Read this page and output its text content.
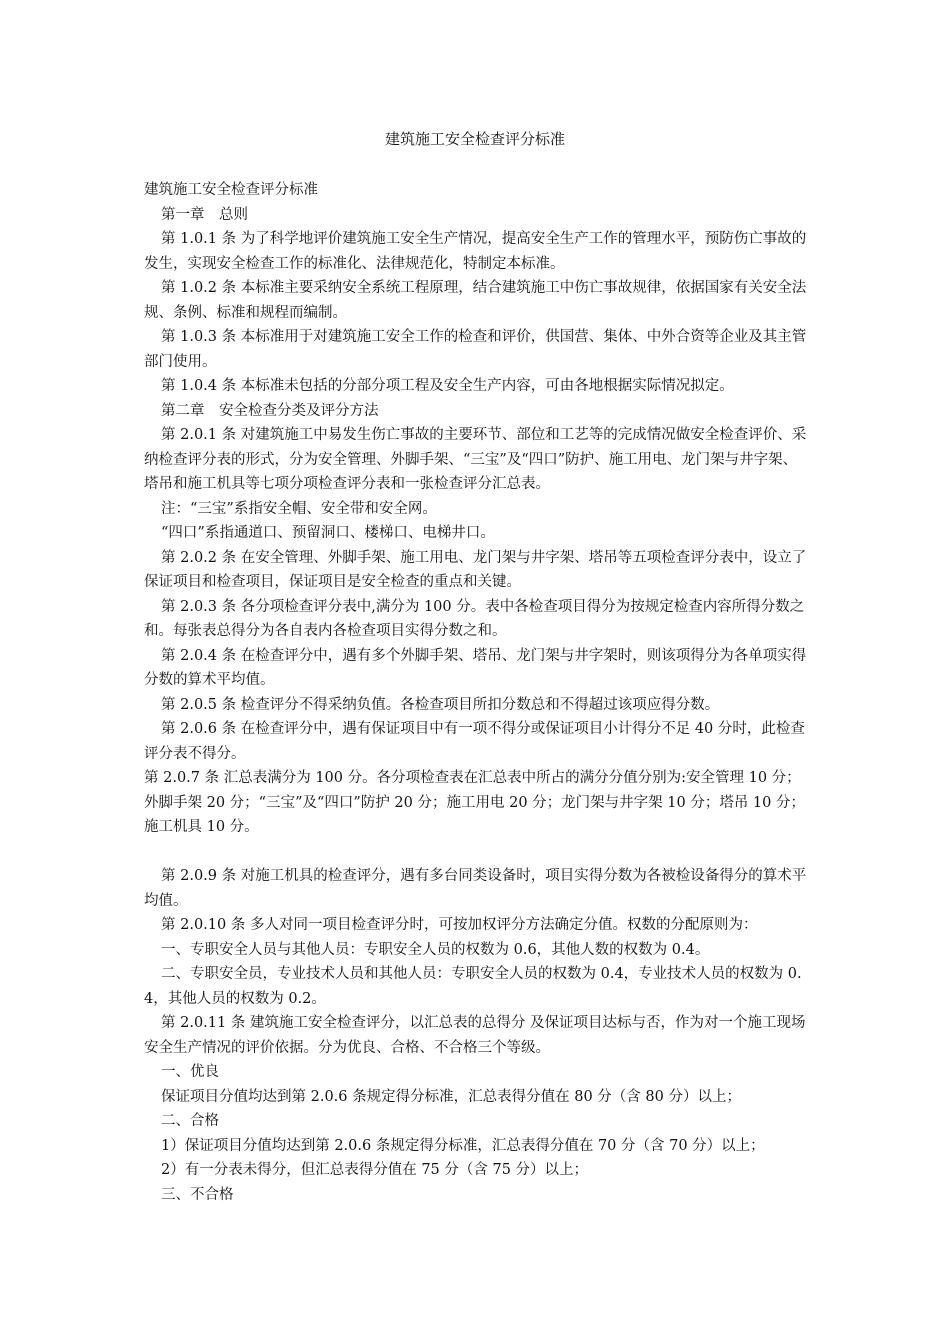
建筑施工安全检查评分标准

建筑施工安全检查评分标准

第一章　总则

第 1.0.1 条 为了科学地评价建筑施工安全生产情况，提高安全生产工作的管理水平，预防伤亡事故的发生，实现安全检查工作的标准化、法律规范化，特制定本标准。

第 1.0.2 条 本标准主要采纳安全系统工程原理，结合建筑施工中伤亡事故规律，依据国家有关安全法规、条例、标准和规程而编制。

第 1.0.3 条 本标准用于对建筑施工安全工作的检查和评价，供国营、集体、中外合资等企业及其主管部门使用。

第 1.0.4 条 本标准未包括的分部分项工程及安全生产内容，可由各地根据实际情况拟定。

第二章　安全检查分类及评分方法

第 2.0.1 条 对建筑施工中易发生伤亡事故的主要环节、部位和工艺等的完成情况做安全检查评价、采纳检查评分表的形式，分为安全管理、外脚手架、“三宝”及“四口”防护、施工用电、龙门架与井字架、塔吊和施工机具等七项分项检查评分表和一张检查评分汇总表。

注：“三宝”系指安全帽、安全带和安全网。

“四口”系指通道口、预留洞口、楼梯口、电梯井口。

第 2.0.2 条 在安全管理、外脚手架、施工用电、龙门架与井字架、塔吊等五项检查评分表中，设立了保证项目和检查项目，保证项目是安全检查的重点和关键。

第 2.0.3 条 各分项检查评分表中,满分为 100 分。表中各检查项目得分为按规定检查内容所得分数之和。每张表总得分为各自表内各检查项目实得分数之和。

第 2.0.4 条 在检查评分中，遇有多个外脚手架、塔吊、龙门架与井字架时，则该项得分为各单项实得分数的算术平均值。

第 2.0.5 条 检查评分不得采纳负值。各检查项目所扣分数总和不得超过该项应得分数。

第 2.0.6 条 在检查评分中，遇有保证项目中有一项不得分或保证项目小计得分不足 40 分时，此检查评分表不得分。

第 2.0.7 条 汇总表满分为 100 分。各分项检查表在汇总表中所占的满分分值分别为:安全管理 10 分；外脚手架 20 分；“三宝”及“四口”防护 20 分；施工用电 20 分；龙门架与井字架 10 分；塔吊 10 分；施工机具 10 分。

第 2.0.9 条 对施工机具的检查评分，遇有多台同类设备时，项目实得分数为各被检设备得分的算术平均值。

第 2.0.10 条 多人对同一项目检查评分时，可按加权评分方法确定分值。权数的分配原则为：

一、专职安全人员与其他人员：专职安全人员的权数为 0.6，其他人数的权数为 0.4。

二、专职安全员，专业技术人员和其他人员：专职安全人员的权数为 0.4，专业技术人员的权数为 0.4，其他人员的权数为 0.2。

第 2.0.11 条 建筑施工安全检查评分，以汇总表的总得分 及保证项目达标与否，作为对一个施工现场安全生产情况的评价依据。分为优良、合格、不合格三个等级。

一、优良

保证项目分值均达到第 2.0.6 条规定得分标准，汇总表得分值在 80 分（含 80 分）以上；

二、合格

1）保证项目分值均达到第 2.0.6 条规定得分标准，汇总表得分值在 70 分（含 70 分）以上；

2）有一分表未得分，但汇总表得分值在 75 分（含 75 分）以上；

三、不合格
